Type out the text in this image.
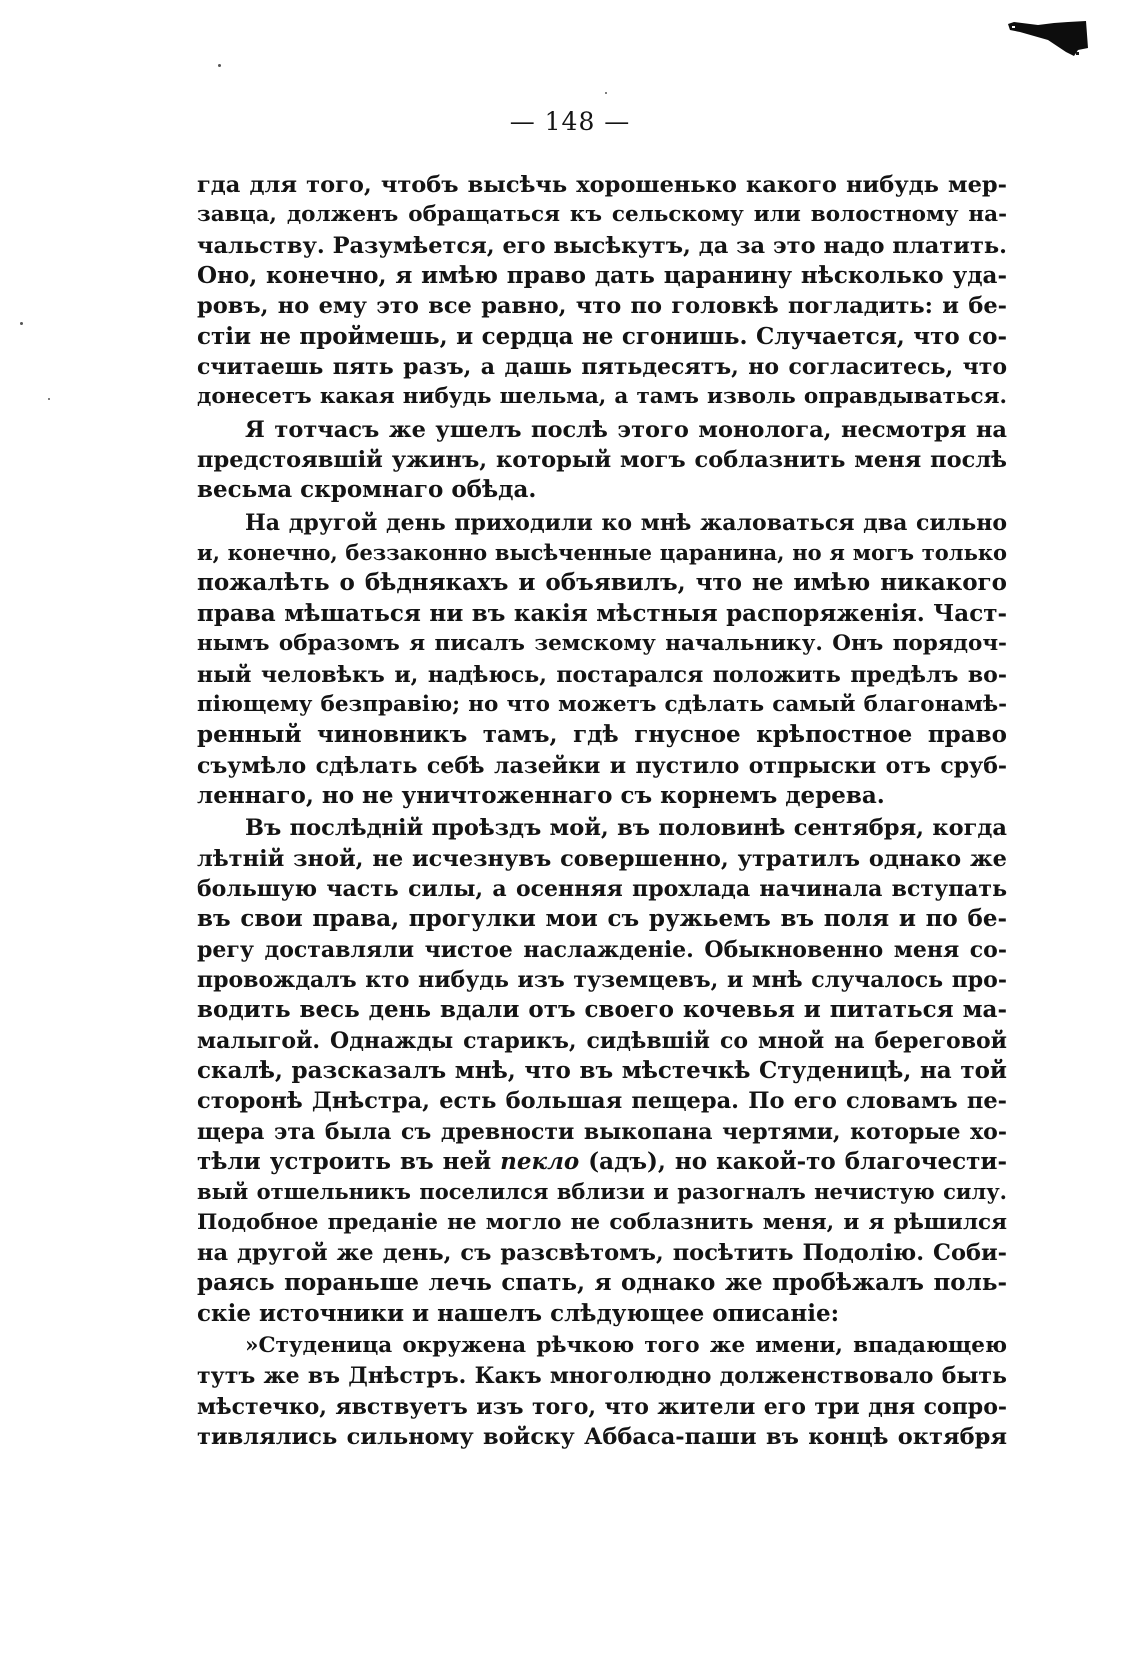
— 148 —
гда для того, чтобъ высѣчь хорошенько какого нибудь мер-
завца, долженъ обращаться къ сельскому или волостному на-
чальству. Разумѣется, его высѣкутъ, да за это надо платить.
Оно, конечно, я имѣю право дать царанину нѣсколько уда-
ровъ, но ему это все равно, что по головкѣ погладить: и бе-
стіи не проймешь, и сердца не сгонишь. Случается, что со-
считаешь пять разъ, а дашь пятьдесятъ, но согласитесь, что
донесетъ какая нибудь шельма, а тамъ изволь оправдываться.
Я тотчасъ же ушелъ послѣ этого монолога, несмотря на
предстоявшій ужинъ, который могъ соблазнить меня послѣ
весьма скромнаго обѣда.
На другой день приходили ко мнѣ жаловаться два сильно
и, конечно, беззаконно высѣченные царанина, но я могъ только
пожалѣть о бѣднякахъ и объявилъ, что не имѣю никакого
права мѣшаться ни въ какія мѣстныя распоряженія. Част-
нымъ образомъ я писалъ земскому начальнику. Онъ порядоч-
ный человѣкъ и, надѣюсь, постарался положить предѣлъ во-
піющему безправію; но что можетъ сдѣлать самый благонамѣ-
ренный чиновникъ тамъ, гдѣ гнусное крѣпостное право
съумѣло сдѣлать себѣ лазейки и пустило отпрыски отъ сруб-
леннаго, но не уничтоженнаго съ корнемъ дерева.
Въ послѣдній проѣздъ мой, въ половинѣ сентября, когда
лѣтній зной, не исчезнувъ совершенно, утратилъ однако же
большую часть силы, а осенняя прохлада начинала вступать
въ свои права, прогулки мои съ ружьемъ въ поля и по бе-
регу доставляли чистое наслажденіе. Обыкновенно меня со-
провождалъ кто нибудь изъ туземцевъ, и мнѣ случалось про-
водить весь день вдали отъ своего кочевья и питаться ма-
малыгой. Однажды старикъ, сидѣвшій со мной на береговой
скалѣ, разсказалъ мнѣ, что въ мѣстечкѣ Студеницѣ, на той
сторонѣ Днѣстра, есть большая пещера. По его словамъ пе-
щера эта была съ древности выкопана чертями, которые хо-
тѣли устроить въ ней пекло (адъ), но какой-то благочести-
вый отшельникъ поселился вблизи и разогналъ нечистую силу.
Подобное преданіе не могло не соблазнить меня, и я рѣшился
на другой же день, съ разсвѣтомъ, посѣтить Подолію. Соби-
раясь пораньше лечь спать, я однако же пробѣжалъ поль-
скіе источники и нашелъ слѣдующее описаніе:
»Студеница окружена рѣчкою того же имени, впадающею
тутъ же въ Днѣстръ. Какъ многолюдно долженствовало быть
мѣстечко, явствуетъ изъ того, что жители его три дня сопро-
тивлялись сильному войску Аббаса-паши въ концѣ октября
